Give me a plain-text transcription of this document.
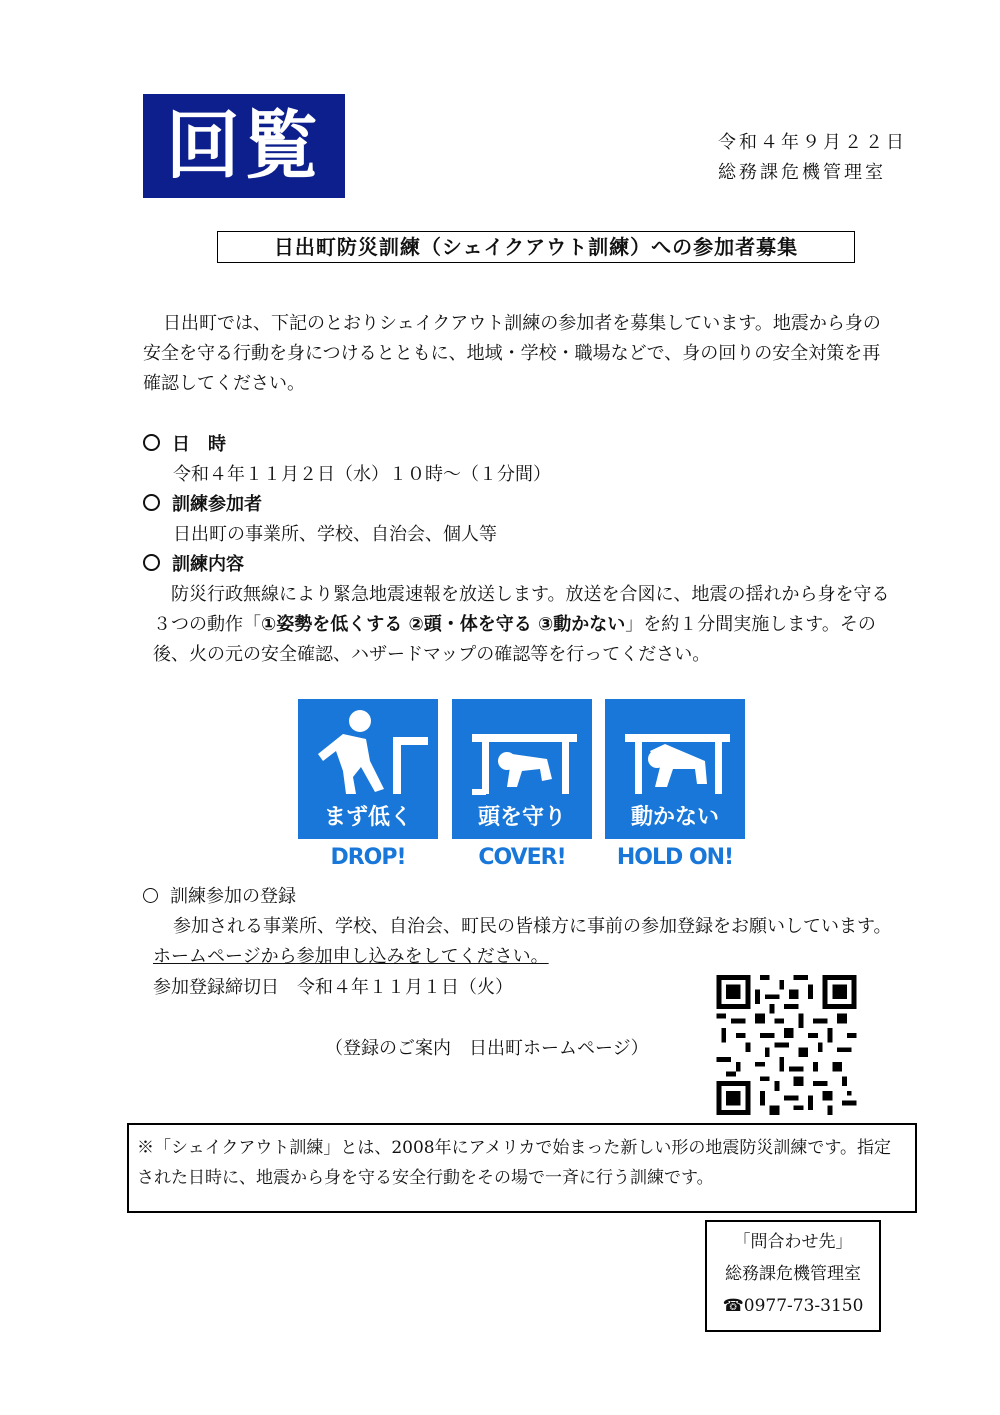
回覧	令和４年９月２２日
総務課危機管理室
日出町防災訓練（シェイクアウト訓練）への参加者募集
日出町では、下記のとおりシェイクアウト訓練の参加者を募集しています。地震から身の安全を守る行動を身につけるとともに、地域・学校・職場などで、身の回りの安全対策を再確認してください。
日　時
令和４年１１月２日（水）１０時～（１分間）
訓練参加者
日出町の事業所、学校、自治会、個人等
訓練内容
防災行政無線により緊急地震速報を放送します。放送を合図に、地震の揺れから身を守る３つの動作「①姿勢を低くする ②頭・体を守る ③動かない」を約１分間実施します。その後、火の元の安全確認、ハザードマップの確認等を行ってください。
まず低く	頭を守り	動かない
DROP!	COVER!	HOLD ON!
訓練参加の登録
参加される事業所、学校、自治会、町民の皆様方に事前の参加登録をお願いしています。ホームページから参加申し込みをしてください。
参加登録締切日　令和４年１１月１日（火）
（登録のご案内　日出町ホームページ）
※「シェイクアウト訓練」とは、2008年にアメリカで始まった新しい形の地震防災訓練です。指定された日時に、地震から身を守る安全行動をその場で一斉に行う訓練です。
「問合わせ先」
総務課危機管理室
☎0977-73-3150
